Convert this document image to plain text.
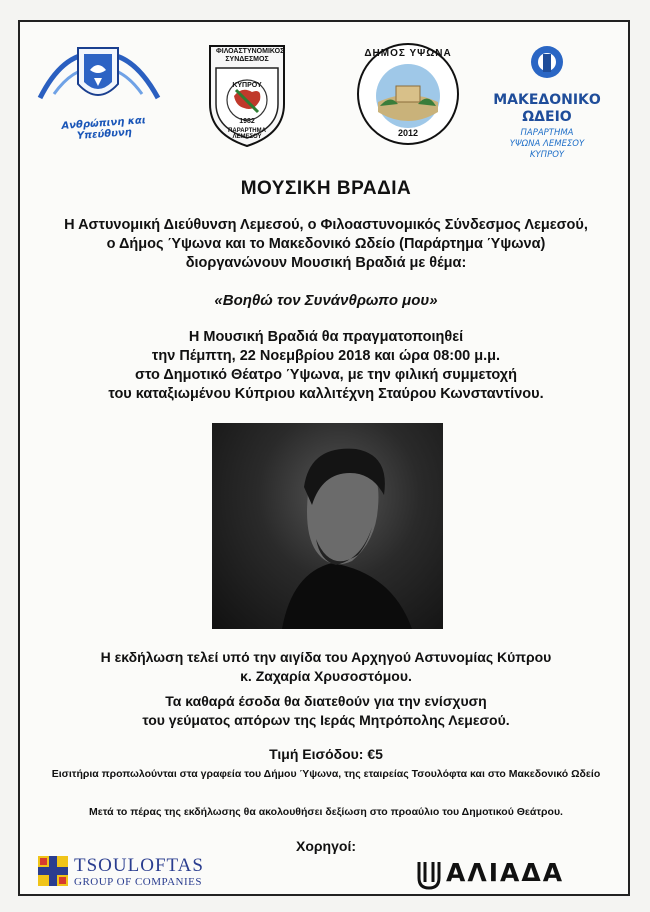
Ανθρώπινη και Υπεύθυνη
ΦΙΛΟΑΣΤΥΝΟΜΙΚΟΣ ΣΥΝΔΕΣΜΟΣ
ΚΥΠΡΟΥ
1982
ΠΑΡΑΡΤΗΜΑ ΛΕΜΕΣΟΥ
ΔΗΜΟΣ ΥΨΩΝΑ
2012
ΜΑΚΕΔΟΝΙΚΟ
ΩΔΕΙΟ
ΠΑΡΑΡΤΗΜΑ
ΥΨΩΝΑ ΛΕΜΕΣΟΥ
ΚΥΠΡΟΥ
ΜΟΥΣΙΚΗ ΒΡΑΔΙΑ
Η Αστυνομική Διεύθυνση Λεμεσού, ο Φιλοαστυνομικός Σύνδεσμος Λεμεσού,
ο Δήμος Ύψωνα και το Μακεδονικό Ωδείο (Παράρτημα Ύψωνα)
διοργανώνουν Μουσική Βραδιά με θέμα:
«Βοηθώ τον Συνάνθρωπο μου»
Η Μουσική Βραδιά θα πραγματοποιηθεί
την Πέμπτη, 22 Νοεμβρίου 2018 και ώρα 08:00 μ.μ.
στο Δημοτικό Θέατρο Ύψωνα, με την φιλική συμμετοχή
του καταξιωμένου Κύπριου καλλιτέχνη Σταύρου Κωνσταντίνου.
Η εκδήλωση τελεί υπό την αιγίδα του Αρχηγού Αστυνομίας Κύπρου
κ. Ζαχαρία Χρυσοστόμου.
Τα καθαρά έσοδα θα διατεθούν για την ενίσχυση
του γεύματος απόρων της Ιεράς Μητρόπολης Λεμεσού.
Τιμή Εισόδου: €5
Εισιτήρια προπωλούνται στα γραφεία του Δήμου Ύψωνα, της εταιρείας Τσουλόφτα και στο Μακεδονικό Ωδείο
Μετά το πέρας της εκδήλωσης θα ακολουθήσει δεξίωση στο προαύλιο του Δημοτικού Θεάτρου.
Χορηγοί:
TSOULOFTAS
GROUP OF COMPANIES	ΑΛΙΑΔΑ
